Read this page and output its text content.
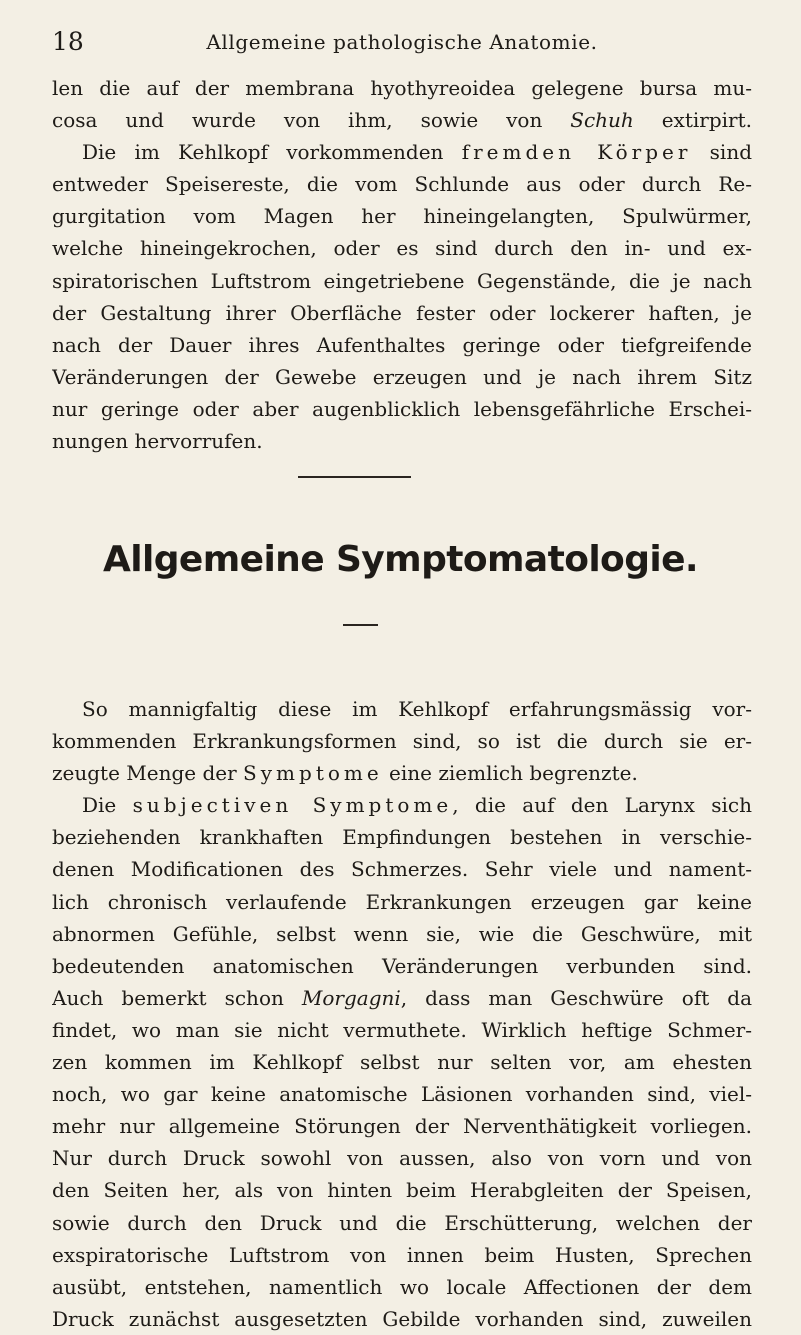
18	Allgemeine pathologische Anatomie.
len die auf der membrana hyothyreoidea gelegene bursa mu-
cosa und wurde von ihm, sowie von Schuh extirpirt.
Die im Kehlkopf vorkommenden fremden Körper sind
entweder Speisereste, die vom Schlunde aus oder durch Re-
gurgitation vom Magen her hineingelangten, Spulwürmer,
welche hineingekrochen, oder es sind durch den in- und ex-
spiratorischen Luftstrom eingetriebene Gegenstände, die je nach
der Gestaltung ihrer Oberfläche fester oder lockerer haften, je
nach der Dauer ihres Aufenthaltes geringe oder tiefgreifende
Veränderungen der Gewebe erzeugen und je nach ihrem Sitz
nur geringe oder aber augenblicklich lebensgefährliche Erschei-
nungen hervorrufen.
Allgemeine Symptomatologie.
So mannigfaltig diese im Kehlkopf erfahrungsmässig vor-
kommenden Erkrankungsformen sind, so ist die durch sie er-
zeugte Menge der Symptome eine ziemlich begrenzte.
Die subjectiven Symptome, die auf den Larynx sich
beziehenden krankhaften Empfindungen bestehen in verschie-
denen Modificationen des Schmerzes. Sehr viele und nament-
lich chronisch verlaufende Erkrankungen erzeugen gar keine
abnormen Gefühle, selbst wenn sie, wie die Geschwüre, mit
bedeutenden anatomischen Veränderungen verbunden sind.
Auch bemerkt schon Morgagni, dass man Geschwüre oft da
findet, wo man sie nicht vermuthete. Wirklich heftige Schmer-
zen kommen im Kehlkopf selbst nur selten vor, am ehesten
noch, wo gar keine anatomische Läsionen vorhanden sind, viel-
mehr nur allgemeine Störungen der Nerventhätigkeit vorliegen.
Nur durch Druck sowohl von aussen, also von vorn und von
den Seiten her, als von hinten beim Herabgleiten der Speisen,
sowie durch den Druck und die Erschütterung, welchen der
exspiratorische Luftstrom von innen beim Husten, Sprechen
ausübt, entstehen, namentlich wo locale Affectionen der dem
Druck zunächst ausgesetzten Gebilde vorhanden sind, zuweilen
